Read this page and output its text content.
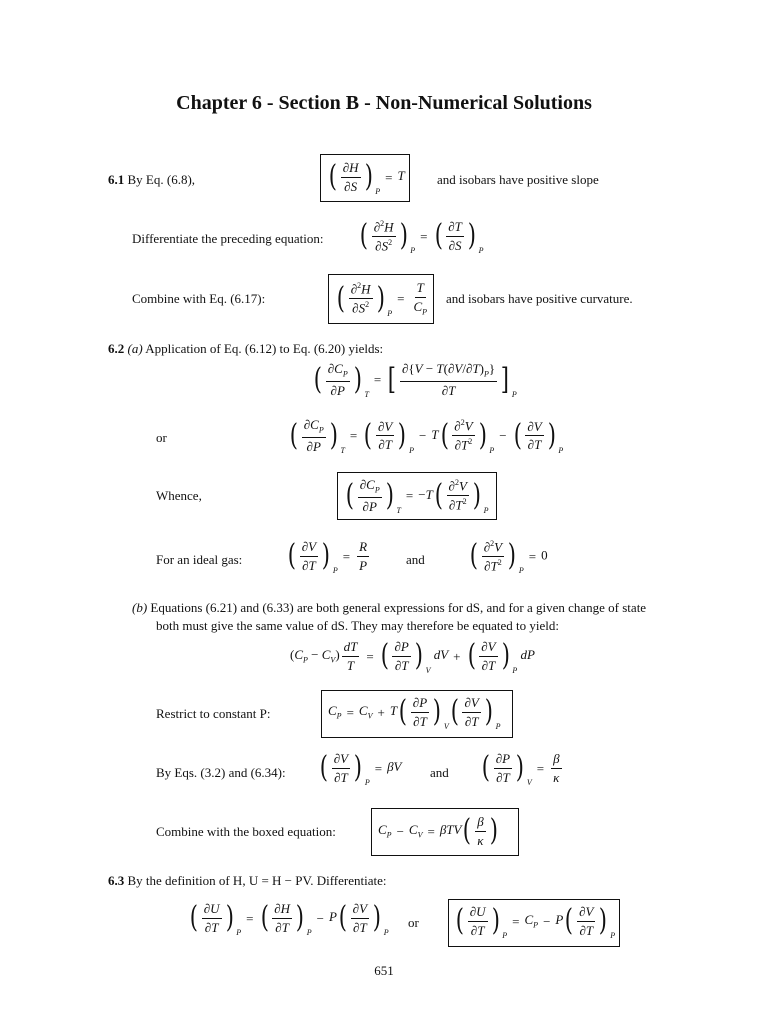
Chapter 6 - Section B - Non-Numerical Solutions
6.1 By Eq. (6.8),	( $\frac{\partial H}{\partial S}$ ) $_P$= T and isobars have positive slope
Differentiate the preceding equation: ( $\frac{\partial^2H}{\partial S^2}$ ) $_P$= ( $\frac{\partial T}{\partial S}$ ) $_P$
Combine with Eq. (6.17): ( $\frac{\partial^2H}{\partial S^2}$ ) $_P= \frac{T}{C_P}$ and isobars have positive curvature.
6.2 (a) Application of Eq. (6.12) to Eq. (6.20) yields:
( $\frac{\partial C_P}{\partial P}$ ) $_T$= [ $\frac{\partial\{V - T(\partial V/\partial T)_P\}}{\partial T}$ ] $_P$
or	( $\frac{\partial C_P}{\partial P}$ ) $_T$= ( $\frac{\partial V}{\partial T}$ ) $_P$− T ( $\frac{\partial^2V}{\partial T^2}$ ) $_P$− ( $\frac{\partial V}{\partial T}$ ) $_P$
Whence,	( $\frac{\partial C_P}{\partial P}$ ) $_T$= −T ( $\frac{\partial^2V}{\partial T^2}$ ) $_P$
For an ideal gas: ( $\frac{\partial V}{\partial T}$ ) $_P= \frac{R}{P}$	and ( $\frac{\partial^2V}{\partial T^2}$ ) $_P$= 0
(b) Equations (6.21) and (6.33) are both general expressions for dS, and for a given change of state
both must give the same value of dS. They may therefore be equated to yield:
$(C_P - C_V) \frac{dT}{T}$ = ( $\frac{\partial P}{\partial T}$ ) $_V$ dV + ( $\frac{\partial V}{\partial T}$ ) $_P$ dP
Restrict to constant P:	$C_P = C_V + T$ ( $\frac{\partial P}{\partial T}$ ) $_V$ ( $\frac{\partial V}{\partial T}$ ) $_P$
By Eqs. (3.2) and (6.34): ( $\frac{\partial V}{\partial T}$ ) $_P$= βV and ( $\frac{\partial P}{\partial T}$ ) $_V= \frac{\beta}{\kappa}$
Combine with the boxed equation:	$C_P - C_V = \beta TV$ ( $\frac{\beta}{\kappa}$ )
6.3 By the definition of H, U = H − PV. Differentiate:
( $\frac{\partial U}{\partial T}$ ) $_P$= ( $\frac{\partial H}{\partial T}$ ) $_P$− P ( $\frac{\partial V}{\partial T}$ ) $_P$
or ( $\frac{\partial U}{\partial T}$ ) $_P= C_P - P$ ( $\frac{\partial V}{\partial T}$ ) $_P$
651
